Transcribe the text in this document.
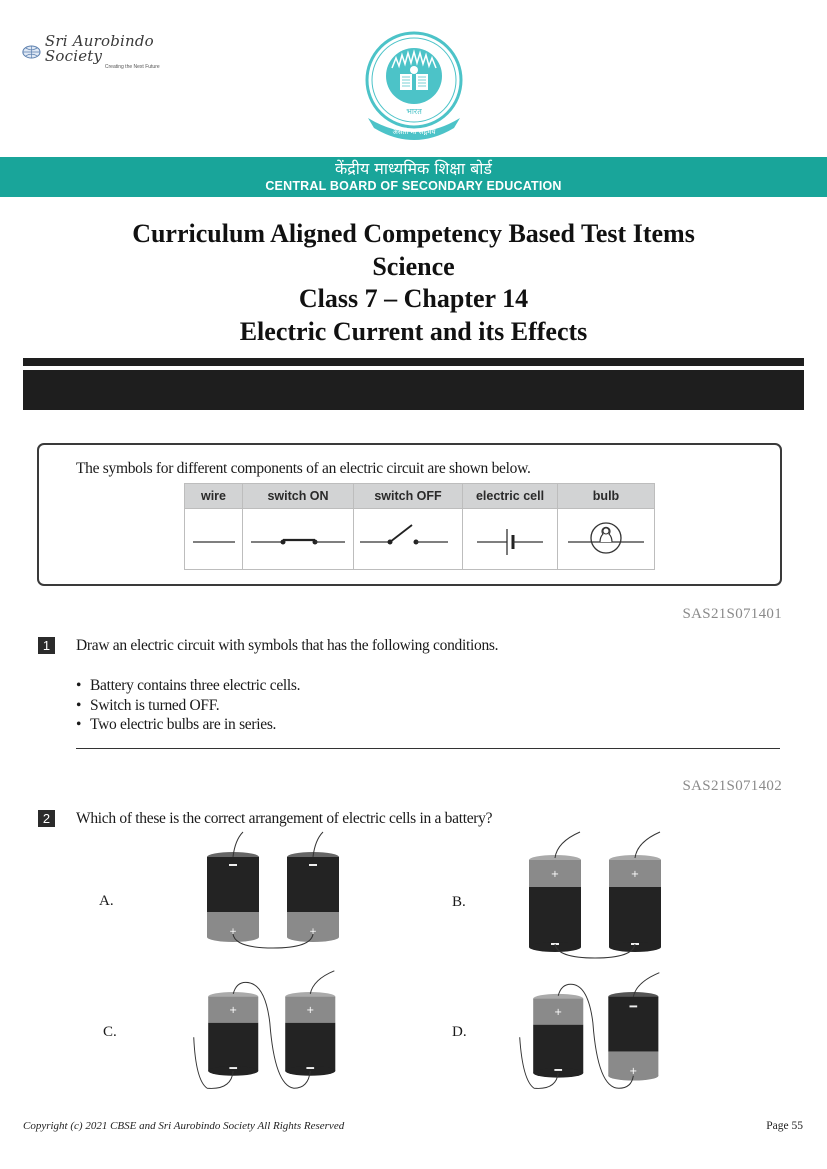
Sri Aurobindo Society
Creating the Next Future
भारत
असतो मा सद्गमय
केंद्रीय माध्यमिक शिक्षा बोर्ड
CENTRAL BOARD OF SECONDARY EDUCATION
Curriculum Aligned Competency Based Test Items
Science
Class 7 – Chapter 14
Electric Current and its Effects
The symbols for different components of an electric circuit are shown below.
wire	switch ON	switch OFF	electric cell	bulb

SAS21S071401
1	Draw an electric circuit with symbols that has the following conditions.
• Battery contains three electric cells.
• Switch is turned OFF.
• Two electric bulbs are in series.
SAS21S071402
2	Which of these is the correct arrangement of electric cells in a battery?
A.	B.
C.	D.
+	+
+	+
+	+	+
+
Copyright (c) 2021 CBSE and Sri Aurobindo Society All Rights Reserved	Page 55
